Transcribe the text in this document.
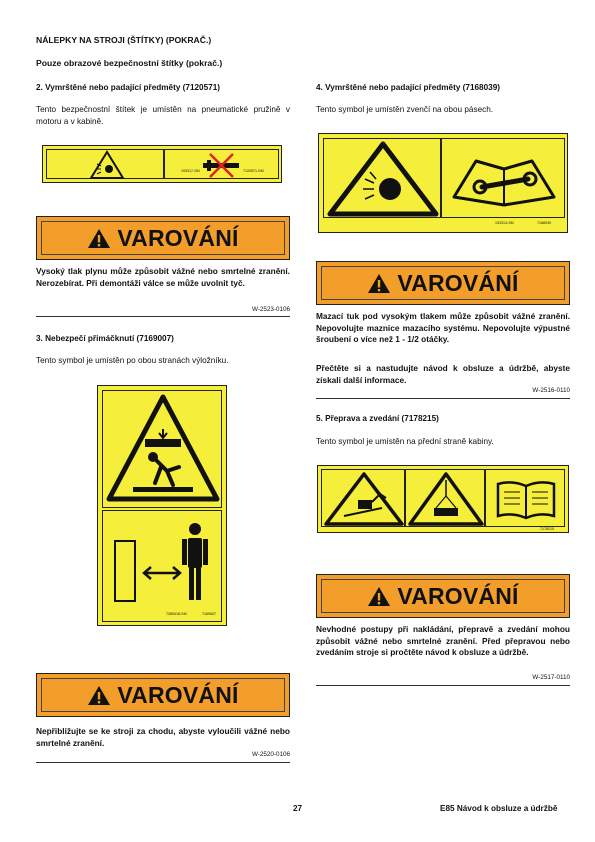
NÁLEPKY NA STROJI (ŠTÍTKY) (POKRAČ.)
Pouze obrazové bezpečnostní štítky (pokrač.)
2. Vymrštěné nebo padající předměty (7120571)
Tento bezpečnostní štítek je umístěn na pneumatické pružině v motoru a v kabině.
193317-SM	7120571-SM
VAROVÁNÍ
Vysoký tlak plynu může způsobit vážné nebo smrtelné zranění. Nerozebírat. Při demontáži válce se může uvolnit tyč.
W-2523-0106
3. Nebezpečí přimáčknutí (7169007)
Tento symbol je umístěn po obou stranách výložníku.
7289418-SM	7169007
VAROVÁNÍ
Nepřibližujte se ke stroji za chodu, abyste vyloučili vážné nebo smrtelné zranění.
W-2520-0106
4. Vymrštěné nebo padající předměty (7168039)
Tento symbol je umístěn zvenčí na obou pásech.
193313-SM	7168039
VAROVÁNÍ
Mazací tuk pod vysokým tlakem může způsobit vážné zranění. Nepovolujte maznice mazacího systému. Nepovolujte výpustné šroubení o více než 1 - 1/2 otáčky.
Přečtěte si a nastudujte návod k obsluze a údržbě, abyste získali další informace.
W-2516-0110
5. Přeprava a zvedání (7178215)
Tento symbol je umístěn na přední straně kabiny.
7178215
VAROVÁNÍ
Nevhodné postupy při nakládání, přepravě a zvedání mohou způsobit vážné nebo smrtelné zranění. Před přepravou nebo zvedáním stroje si pročtěte návod k obsluze a údržbě.
W-2517-0110
27	E85 Návod k obsluze a údržbě
